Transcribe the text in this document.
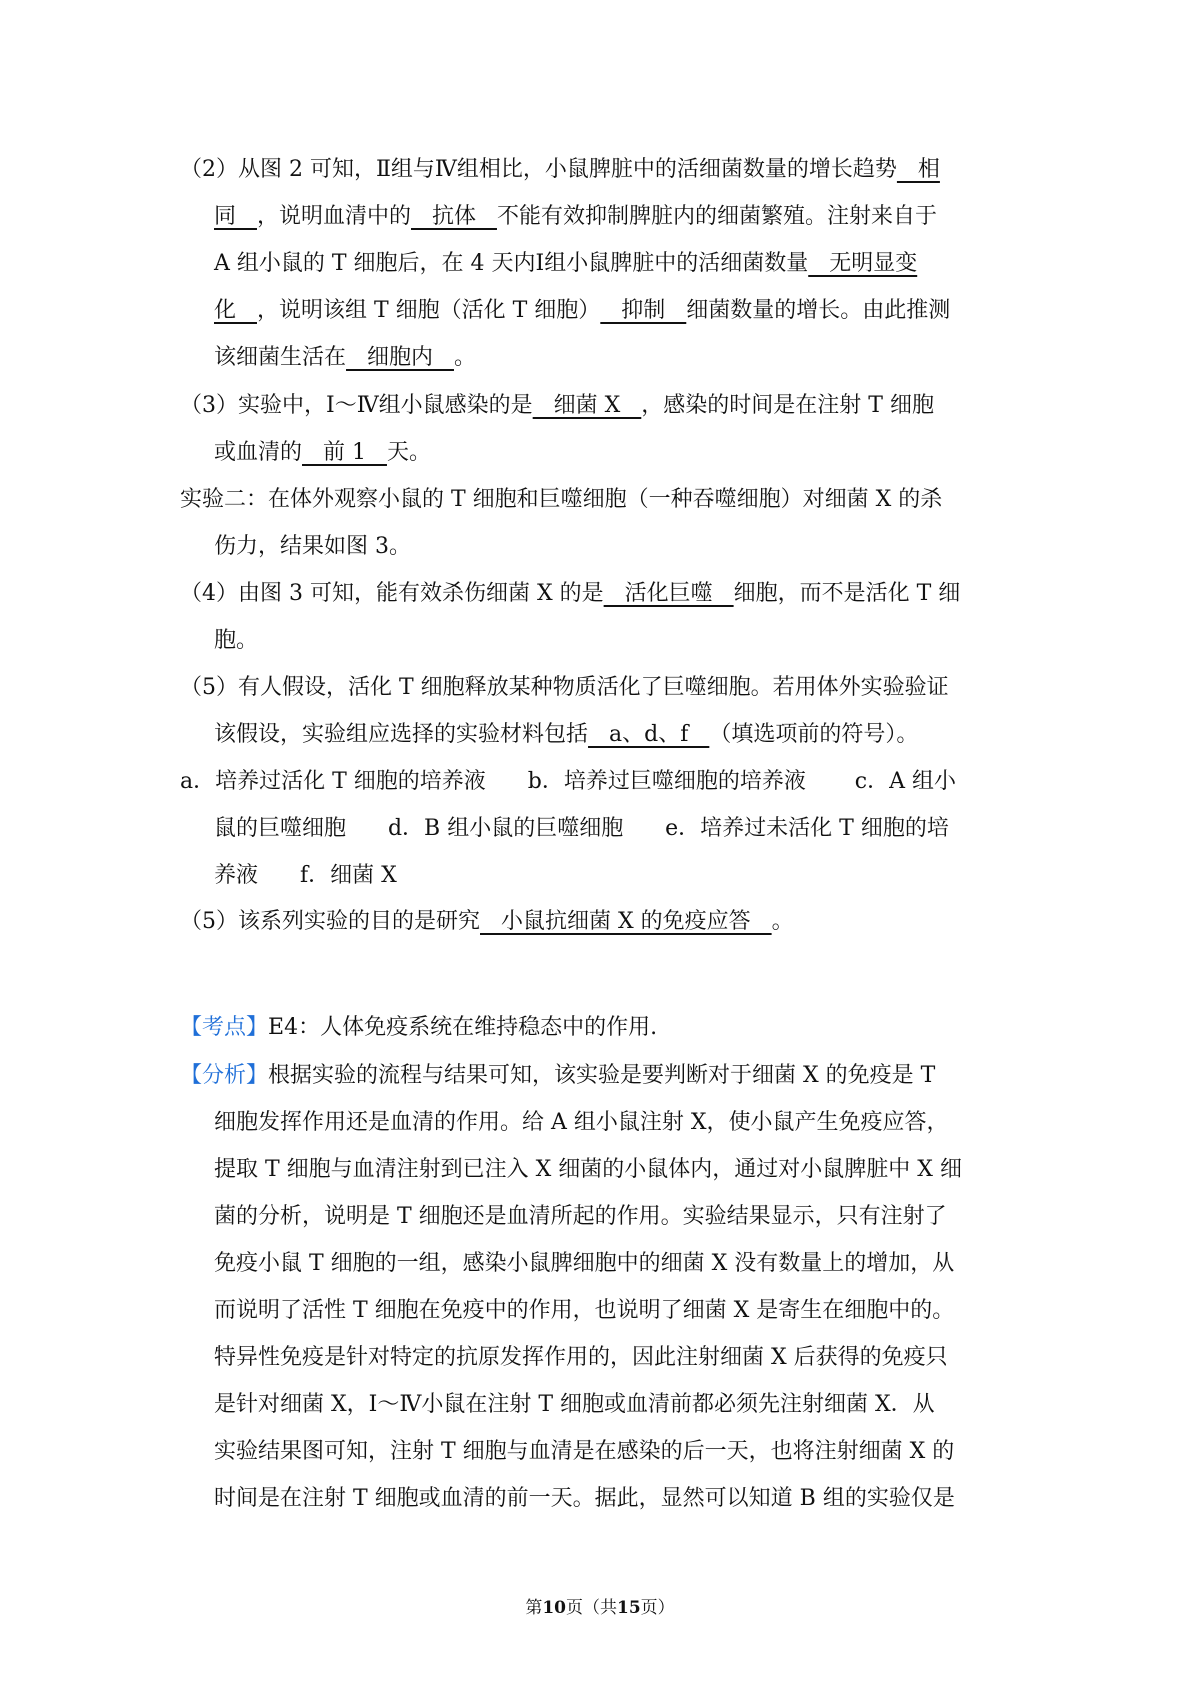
（2）从图 2 可知，Ⅱ组与Ⅳ组相比，小鼠脾脏中的活细菌数量的增长趋势   相
同   ，说明血清中的   抗体   不能有效抑制脾脏内的细菌繁殖。注射来自于
A 组小鼠的 T 细胞后，在 4 天内Ⅰ组小鼠脾脏中的活细菌数量   无明显变
化   ，说明该组 T 细胞（活化 T 细胞）   抑制   细菌数量的增长。由此推测
该细菌生活在   细胞内   。
（3）实验中，Ⅰ～Ⅳ组小鼠感染的是   细菌 X   ，感染的时间是在注射 T 细胞
或血清的   前 1   天。
实验二：在体外观察小鼠的 T 细胞和巨噬细胞（一种吞噬细胞）对细菌 X 的杀
伤力，结果如图 3。
（4）由图 3 可知，能有效杀伤细菌 X 的是   活化巨噬   细胞，而不是活化 T 细
胞。
（5）有人假设，活化 T 细胞释放某种物质活化了巨噬细胞。若用体外实验验证
该假设，实验组应选择的实验材料包括   a、d、f   （填选项前的符号）。
a．培养过活化 T 细胞的培养液      b．培养过巨噬细胞的培养液       c．A 组小
鼠的巨噬细胞      d．B 组小鼠的巨噬细胞      e．培养过未活化 T 细胞的培
养液      f．细菌 X
（5）该系列实验的目的是研究   小鼠抗细菌 X 的免疫应答   。
【考点】E4：人体免疫系统在维持稳态中的作用.
【分析】根据实验的流程与结果可知，该实验是要判断对于细菌 X 的免疫是 T
细胞发挥作用还是血清的作用。给 A 组小鼠注射 X，使小鼠产生免疫应答，
提取 T 细胞与血清注射到已注入 X 细菌的小鼠体内，通过对小鼠脾脏中 X 细
菌的分析，说明是 T 细胞还是血清所起的作用。实验结果显示，只有注射了
免疫小鼠 T 细胞的一组，感染小鼠脾细胞中的细菌 X 没有数量上的增加，从
而说明了活性 T 细胞在免疫中的作用，也说明了细菌 X 是寄生在细胞中的。
特异性免疫是针对特定的抗原发挥作用的，因此注射细菌 X 后获得的免疫只
是针对细菌 X，Ⅰ～Ⅳ小鼠在注射 T 细胞或血清前都必须先注射细菌 X．从
实验结果图可知，注射 T 细胞与血清是在感染的后一天，也将注射细菌 X 的
时间是在注射 T 细胞或血清的前一天。据此，显然可以知道 B 组的实验仅是
第10页（共15页）
